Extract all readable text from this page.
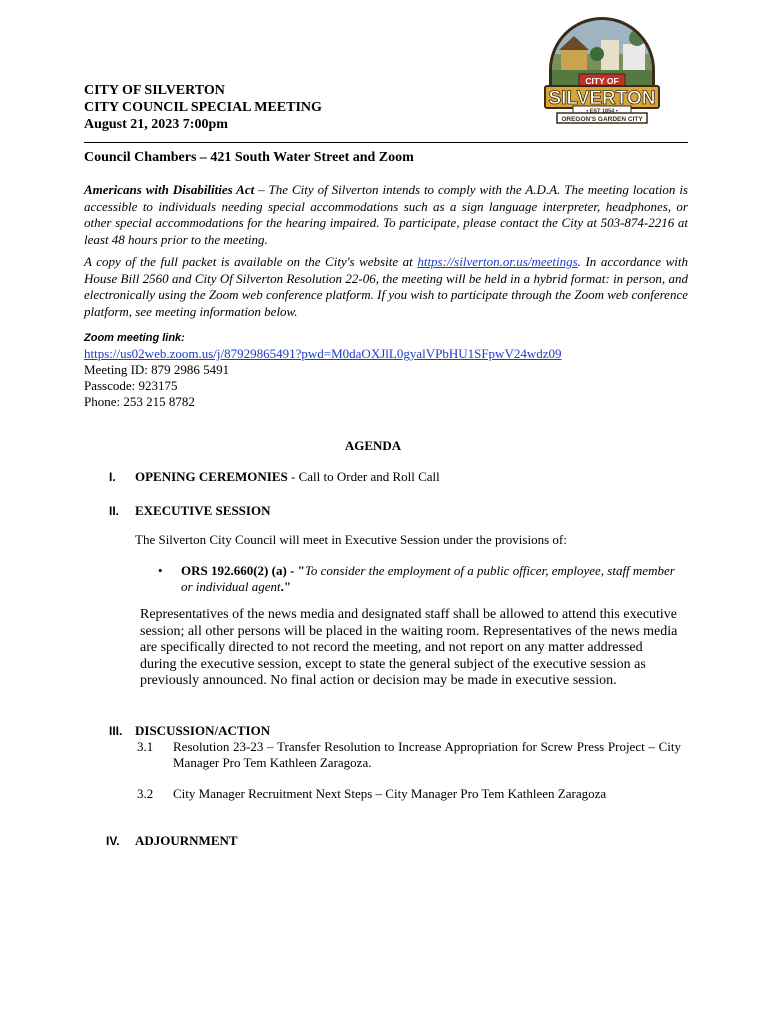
CITY OF SILVERTON
CITY COUNCIL SPECIAL MEETING
August 21, 2023 7:00pm
CITY OF
SILVERTON
• EST 1854 •
OREGON'S GARDEN CITY
Council Chambers – 421 South Water Street and Zoom
Americans with Disabilities Act – The City of Silverton intends to comply with the A.D.A. The meeting location is accessible to individuals needing special accommodations such as a sign language interpreter, headphones, or other special accommodations for the hearing impaired. To participate, please contact the City at 503-874-2216 at least 48 hours prior to the meeting.
A copy of the full packet is available on the City's website at https://silverton.or.us/meetings. In accordance with House Bill 2560 and City Of Silverton Resolution 22-06, the meeting will be held in a hybrid format: in person, and electronically using the Zoom web conference platform. If you wish to participate through the Zoom web conference platform, see meeting information below.
Zoom meeting link:
https://us02web.zoom.us/j/87929865491?pwd=M0daOXJlL0gyalVPbHU1SFpwV24wdz09
Meeting ID: 879 2986 5491
Passcode: 923175
Phone: 253 215 8782
AGENDA
I. OPENING CEREMONIES - Call to Order and Roll Call
II. EXECUTIVE SESSION
The Silverton City Council will meet in Executive Session under the provisions of:
• ORS 192.660(2) (a) - "To consider the employment of a public officer, employee, staff member or individual agent."
Representatives of the news media and designated staff shall be allowed to attend this executive session; all other persons will be placed in the waiting room. Representatives of the news media are specifically directed to not record the meeting, and not report on any matter addressed during the executive session, except to state the general subject of the executive session as previously announced. No final action or decision may be made in executive session.
III. DISCUSSION/ACTION
3.1 Resolution 23-23 – Transfer Resolution to Increase Appropriation for Screw Press Project – City Manager Pro Tem Kathleen Zaragoza.
3.2 City Manager Recruitment Next Steps – City Manager Pro Tem Kathleen Zaragoza
IV. ADJOURNMENT
